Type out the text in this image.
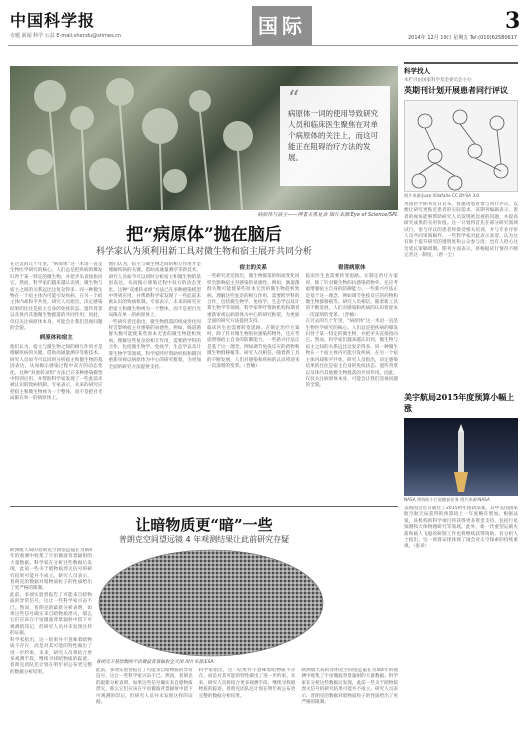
中国科学报
专题 新闻 科学 公益 E-mail:shendu@stimes.cn	国际	2014年 12月 19日 星期五 Tel:(010)62580617
3
“
病原体一词的使用导致研究人员和临床医生聚焦在对单个病原体的关注上，而这可能正在阻碍治疗方法的发展。
病原体与宿主——两者关系复杂 图片来源:Eye of Science/SPL
把“病原体”抛在脑后
科学家认为须利用新工具对微生物和宿主展开共同分析

在过去的几十年里，“病原体”这一术语一直是生物医学研究的核心。人们总是把疾病的爆发归咎于某一特定的微生物，并把矛头直接指向它。然而，科学家们越来越认识到，微生物与宿主之间的关系远比这复杂得多。同一种微生物在一个宿主体内可能引发疾病，在另一个宿主体内却和平共处。研究人员指出，决定感染结果的往往是宿主自身的免疫状态、遗传背景以及体内其他微生物群落的共同作用。因此，仅仅关注病原体本身，可能会让我们忽视问题的全貌。

病原体和宿主

他们认为，宿主与微生物之间的相互作用才是理解疾病的关键。借助高通量测序等新技术，研究人员如今可以同时分析宿主和微生物的基因表达，从而揭示感染过程中双方的动态变化。这种“双重转录组”方法已在多种感染模型中得到应用，并帮助科学家发现了一些此前未被认识的致病机制。专家表示，未来的研究应把宿主和微生物视为一个整体，而不是把目光局限在单一的病原体上。

他们认为，宿主与微生物之间的相互作用才是理解疾病的关键。借助高通量测序等新技术，研究人员如今可以同时分析宿主和微生物的基因表达，从而揭示感染过程中双方的动态变化。这种“双重转录组”方法已在多种感染模型中得到应用，并帮助科学家发现了一些此前未被认识的致病机制。专家表示，未来的研究应把宿主和微生物视为一个整体，而不是把目光局限在单一的病原体上。

一些研究者还指出，微生物群落的组成变化同样会影响宿主对感染的易感性。例如，肠道菌群失衡可能使某些原本无害的微生物趁机致病。理解这些复杂的相互作用，需要跨学科的合作，包括微生物学、免疫学、生态学以及计算生物学等领域。科学家呼吁资助机构和期刊重新审视以病原体为中心的研究框架，为更加全面的研究方法提供支持。

宿主的关系

一些研究者还指出，微生物群落的组成变化同样会影响宿主对感染的易感性。例如，肠道菌群失衡可能使某些原本无害的微生物趁机致病。理解这些复杂的相互作用，需要跨学科的合作，包括微生物学、免疫学、生态学以及计算生物学等领域。科学家呼吁资助机构和期刊重新审视以病原体为中心的研究框架，为更加全面的研究方法提供支持。

临床医生也需要转变思路。在制定治疗方案时，除了针对微生物的抗感染药物外，还应考虑增强宿主自身的防御能力。一些新兴疗法正是基于这一理念，例如调节免疫反应的药物和微生物群移植等。研究人员相信，随着新工具的不断发展，人们对感染和疾病的认识将迎来一次深刻的变革。（晋楠）

看清病原体

临床医生也需要转变思路。在制定治疗方案时，除了针对微生物的抗感染药物外，还应考虑增强宿主自身的防御能力。一些新兴疗法正是基于这一理念，例如调节免疫反应的药物和微生物群移植等。研究人员相信，随着新工具的不断发展，人们对感染和疾病的认识将迎来一次深刻的变革。（晋楠）

在过去的几十年里，“病原体”这一术语一直是生物医学研究的核心。人们总是把疾病的爆发归咎于某一特定的微生物，并把矛头直接指向它。然而，科学家们越来越认识到，微生物与宿主之间的关系远比这复杂得多。同一种微生物在一个宿主体内可能引发疾病，在另一个宿主体内却和平共处。研究人员指出，决定感染结果的往往是宿主自身的免疫状态、遗传背景以及体内其他微生物群落的共同作用。因此，仅仅关注病原体本身，可能会让我们忽视问题的全貌。

让暗物质更“暗”一些
普朗克空间望远镜 4 年观测结果让此前研究存疑

欧洲航天局的普朗克空间望远镜在为期4年的观测中收集了宇宙微波背景辐射的大量数据。科学家在分析这些数据后发现，此前一些关于暗物质湮灭信号的研究结果可能并不成立。研究人员表示，普朗克的数据对暗物质粒子的性质给出了更严格的限制。

此前，多项实验曾报告了可能来自暗物质的异常信号，这让一些科学家兴奋不已。然而，普朗克的最新分析表明，如果这些信号确实来自暗物质湮灭，那么它们应该在宇宙微波背景辐射中留下可观测的印记，但研究人员并未发现这样的证据。

科学家指出，这一结果并不意味着暗物质不存在，而是对其可能的特性做出了进一步约束。未来，研究人员将结合更多观测手段，继续寻找暗物质的踪迹。普朗克团队还计划在明年初公布更完整的数据分析结果。

普朗克卫星绘制的宇宙微波背景辐射全天图 图片来源:ESA

此前，多项实验曾报告了可能来自暗物质的异常信号，这让一些科学家兴奋不已。然而，普朗克的最新分析表明，如果这些信号确实来自暗物质湮灭，那么它们应该在宇宙微波背景辐射中留下可观测的印记，但研究人员并未发现这样的证据。

科学家指出，这一结果并不意味着暗物质不存在，而是对其可能的特性做出了进一步约束。未来，研究人员将结合更多观测手段，继续寻找暗物质的踪迹。普朗克团队还计划在明年初公布更完整的数据分析结果。

欧洲航天局的普朗克空间望远镜在为期4年的观测中收集了宇宙微波背景辐射的大量数据。科学家在分析这些数据后发现，此前一些关于暗物质湮灭信号的研究结果可能并不成立。研究人员表示，普朗克的数据对暗物质粒子的性质给出了更严格的限制。

科学找人
本栏目由国家科学基金委员会主办
英期刊计划开展患者同行评议
图片来源:Juan Villafañe CC BY-SA 3.0
英国医学期刊近日宣布，将邀请患者参与同行评议，以便让研究更贴近患者的实际需求。该期刊编辑表示，患者的视角能够帮助研究人员发现被忽视的问题，并提高研究成果的实用价值。这一计划将首先在部分研究领域试行。参与评议的患者将接受相关培训，并与专业评审人员共同审阅稿件。一些科学家对此表示欢迎，认为这有助于提升研究的透明度和公众参与度；也有人担心这会延长审稿周期。期刊方面表示，将根据试行情况不断完善这一制度。（唐一尘）
美宇航局2015年度预算小幅上涨
NASA 将资助小行星捕获任务 图片来源:NASA
美国国会近日通过了2015财年拨款法案，其中美国国家航空航天局获得的预算较上一年度略有增加。根据法案，该机构的科学项目将获得更多资金支持，包括行星探测和天体物理研究等领域。此外，新一代重型运载火箭和载人飞船的研制工作也将继续获得资助。有分析人士指出，这一预算安排体现了国会对太空探索的持续重视。（张章）
